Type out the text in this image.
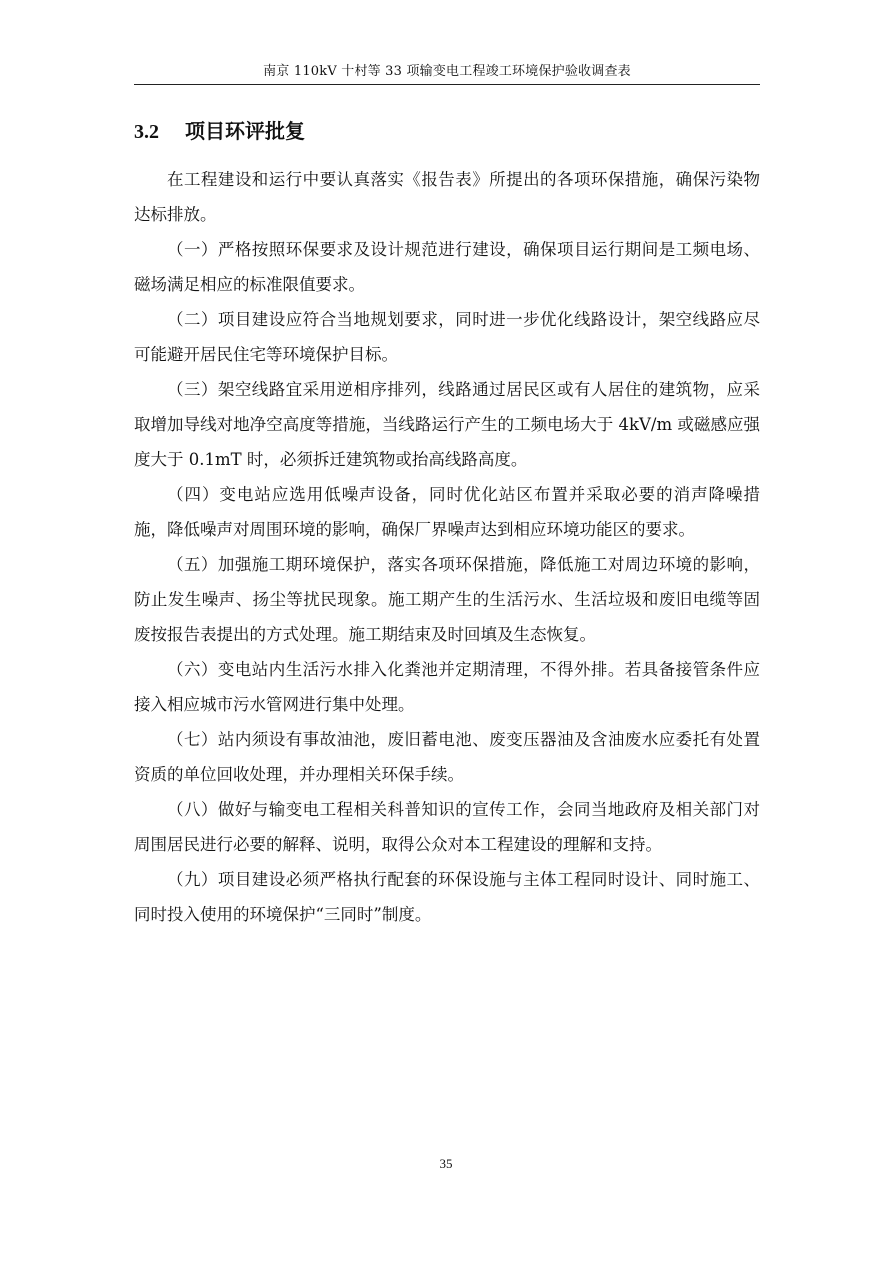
南京 110kV 十村等 33 项输变电工程竣工环境保护验收调查表
3.2 项目环评批复

在工程建设和运行中要认真落实《报告表》所提出的各项环保措施，确保污染物达标排放。

（一）严格按照环保要求及设计规范进行建设，确保项目运行期间是工频电场、磁场满足相应的标准限值要求。

（二）项目建设应符合当地规划要求，同时进一步优化线路设计，架空线路应尽可能避开居民住宅等环境保护目标。

（三）架空线路宜采用逆相序排列，线路通过居民区或有人居住的建筑物，应采取增加导线对地净空高度等措施，当线路运行产生的工频电场大于 4kV/m 或磁感应强度大于 0.1mT 时，必须拆迁建筑物或抬高线路高度。

（四）变电站应选用低噪声设备，同时优化站区布置并采取必要的消声降噪措施，降低噪声对周围环境的影响，确保厂界噪声达到相应环境功能区的要求。

（五）加强施工期环境保护，落实各项环保措施，降低施工对周边环境的影响，防止发生噪声、扬尘等扰民现象。施工期产生的生活污水、生活垃圾和废旧电缆等固废按报告表提出的方式处理。施工期结束及时回填及生态恢复。

（六）变电站内生活污水排入化粪池并定期清理，不得外排。若具备接管条件应接入相应城市污水管网进行集中处理。

（七）站内须设有事故油池，废旧蓄电池、废变压器油及含油废水应委托有处置资质的单位回收处理，并办理相关环保手续。

（八）做好与输变电工程相关科普知识的宣传工作，会同当地政府及相关部门对周围居民进行必要的解释、说明，取得公众对本工程建设的理解和支持。

（九）项目建设必须严格执行配套的环保设施与主体工程同时设计、同时施工、同时投入使用的环境保护“三同时”制度。

35
